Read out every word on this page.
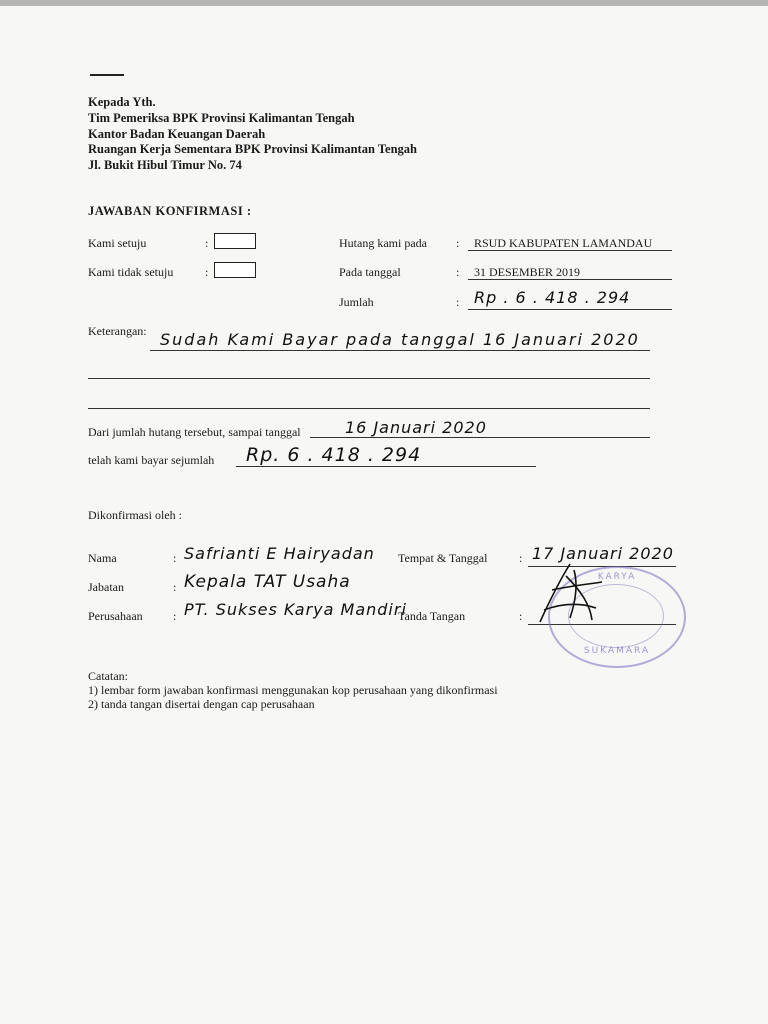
Kepada Yth.
Tim Pemeriksa BPK Provinsi Kalimantan Tengah
Kantor Badan Keuangan Daerah
Ruangan Kerja Sementara BPK Provinsi Kalimantan Tengah
Jl. Bukit Hibul Timur No. 74
JAWABAN KONFIRMASI :
Kami setuju	:
Kami tidak setuju	:
Hutang kami pada : RSUD KABUPATEN LAMANDAU
Pada tanggal	: 31 DESEMBER 2019
Jumlah	: Rp . 6 . 418 . 294
Keterangan: Sudah Kami Bayar pada tanggal 16 Januari 2020
Dari jumlah hutang tersebut, sampai tanggal	16 Januari 2020
telah kami bayar sejumlah Rp. 6 . 418 . 294
Dikonfirmasi oleh :
Nama	: Safrianti E Hairyadan
Jabatan	: Kepala TAT Usaha
Perusahaan	: PT. Sukses Karya Mandiri
Tempat & Tanggal	: 17 Januari 2020
Tanda Tangan	:
KARYA
SUKAMARA
Catatan:
1) lembar form jawaban konfirmasi menggunakan kop perusahaan yang dikonfirmasi
2) tanda tangan disertai dengan cap perusahaan
